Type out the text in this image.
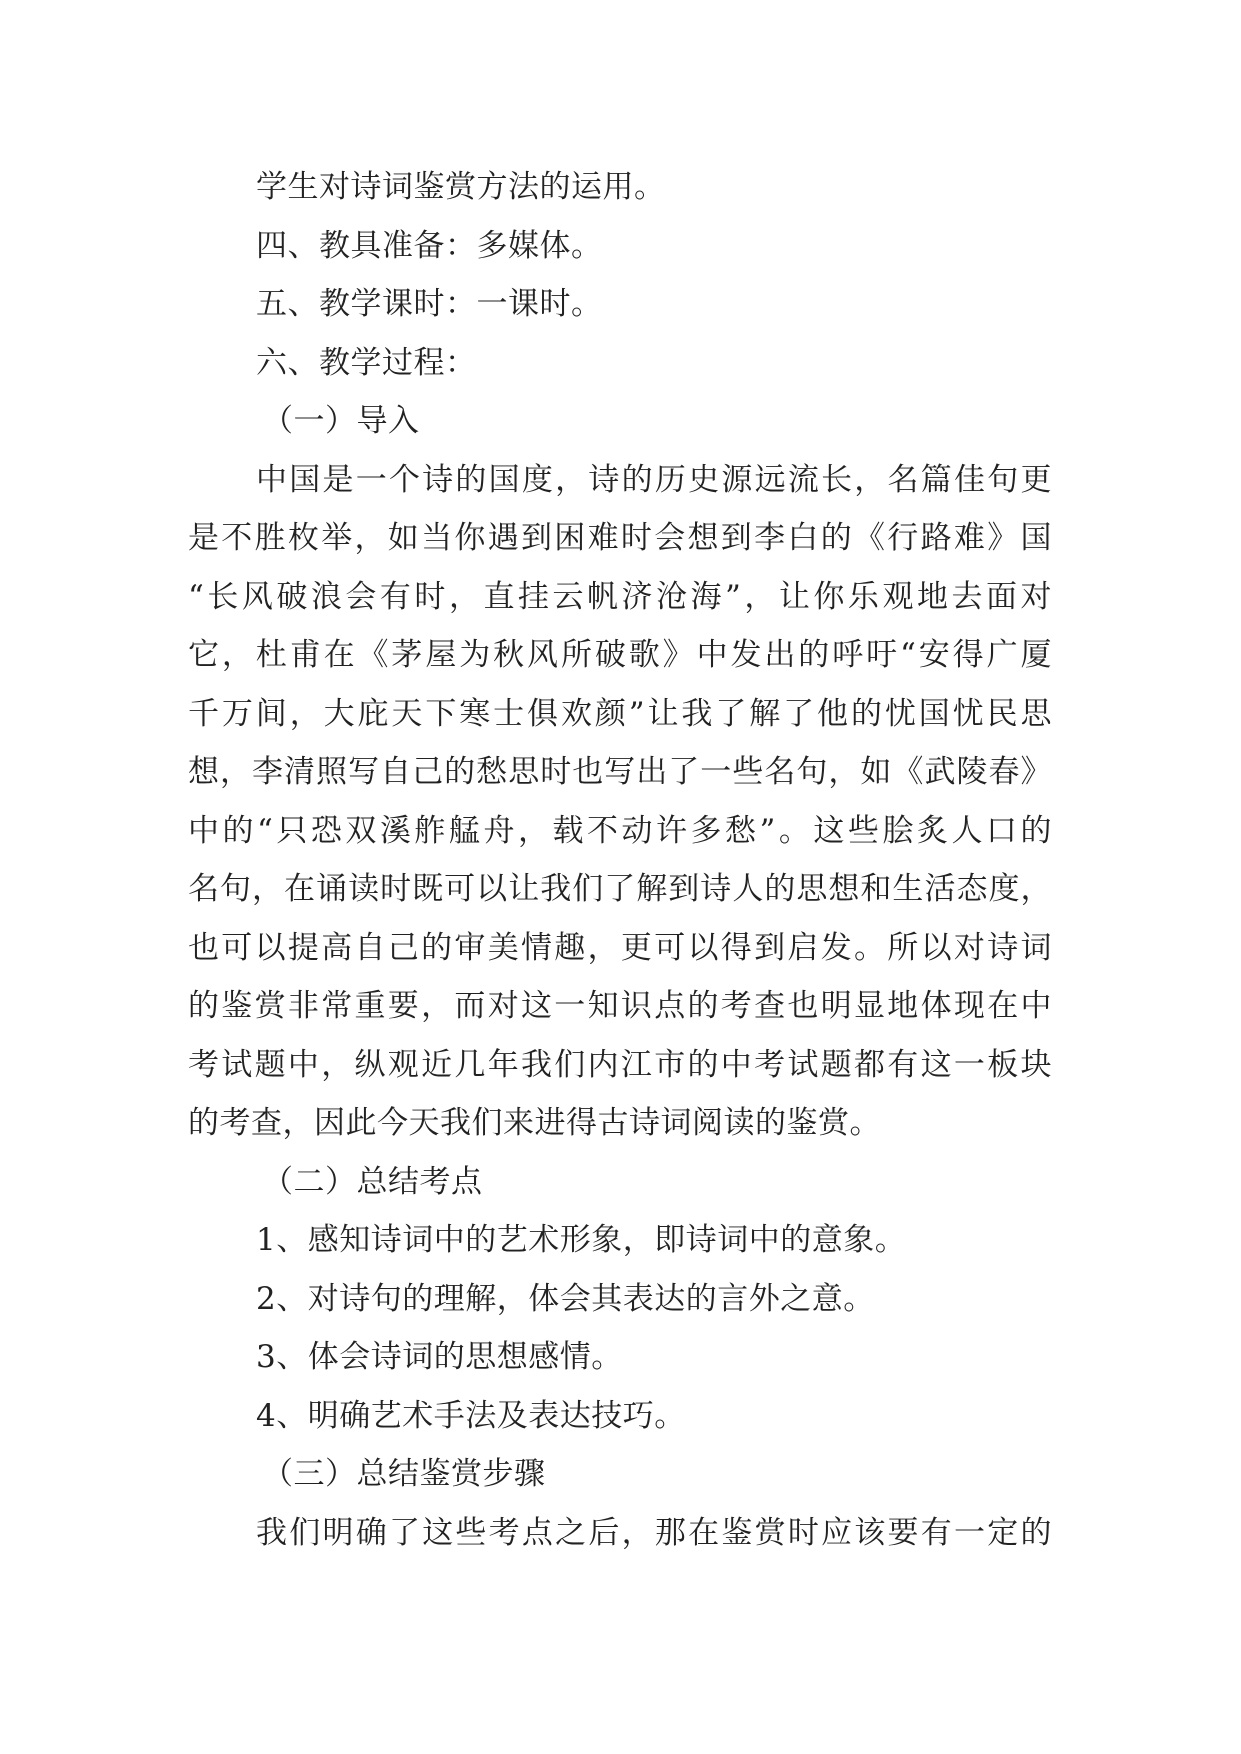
学生对诗词鉴赏方法的运用。
四、教具准备：多媒体。
五、教学课时：一课时。
六、教学过程：
（一）导入
中国是一个诗的国度，诗的历史源远流长，名篇佳句更
是不胜枚举，如当你遇到困难时会想到李白的《行路难》国
“长风破浪会有时，直挂云帆济沧海”，让你乐观地去面对
它，杜甫在《茅屋为秋风所破歌》中发出的呼吁“安得广厦
千万间，大庇天下寒士俱欢颜”让我了解了他的忧国忧民思
想，李清照写自己的愁思时也写出了一些名句，如《武陵春》
中的“只恐双溪舴艋舟，载不动许多愁”。这些脍炙人口的
名句，在诵读时既可以让我们了解到诗人的思想和生活态度，
也可以提高自己的审美情趣，更可以得到启发。所以对诗词
的鉴赏非常重要，而对这一知识点的考查也明显地体现在中
考试题中，纵观近几年我们内江市的中考试题都有这一板块
的考查，因此今天我们来进得古诗词阅读的鉴赏。
（二）总结考点
1、感知诗词中的艺术形象，即诗词中的意象。
2、对诗句的理解，体会其表达的言外之意。
3、体会诗词的思想感情。
4、明确艺术手法及表达技巧。
（三）总结鉴赏步骤
我们明确了这些考点之后，那在鉴赏时应该要有一定的
